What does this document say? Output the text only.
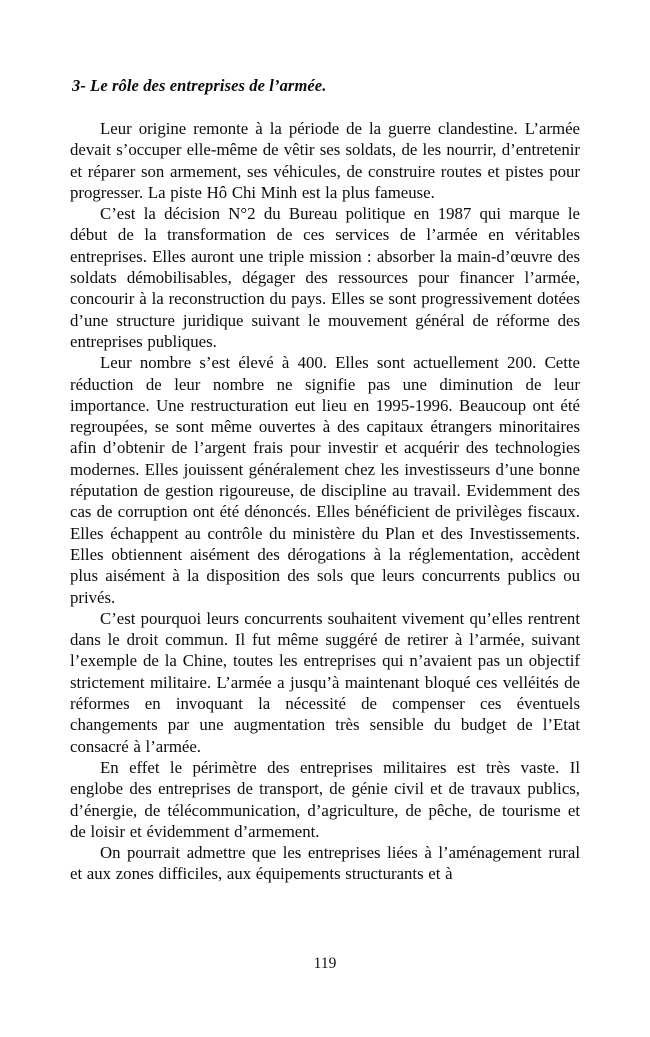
3- Le rôle des entreprises de l’armée.

Leur origine remonte à la période de la guerre clandestine. L’armée devait s’occuper elle-même de vêtir ses soldats, de les nourrir, d’entretenir et réparer son armement, ses véhicules, de construire routes et pistes pour progresser. La piste Hô Chi Minh est la plus fameuse.

C’est la décision N°2 du Bureau politique en 1987 qui marque le début de la transformation de ces services de l’armée en véritables entreprises. Elles auront une triple mission : absorber la main-d’œuvre des soldats démobilisables, dégager des ressources pour financer l’armée, concourir à la reconstruction du pays. Elles se sont progressivement dotées d’une structure juridique suivant le mouvement général de réforme des entreprises publiques.

Leur nombre s’est élevé à 400. Elles sont actuellement 200. Cette réduction de leur nombre ne signifie pas une diminution de leur importance. Une restructuration eut lieu en 1995-1996. Beaucoup ont été regroupées, se sont même ouvertes à des capitaux étrangers minoritaires afin d’obtenir de l’argent frais pour investir et acquérir des technologies modernes. Elles jouissent généralement chez les investisseurs d’une bonne réputation de gestion rigoureuse, de discipline au travail. Evidemment des cas de corruption ont été dénoncés. Elles bénéficient de privilèges fiscaux. Elles échappent au contrôle du ministère du Plan et des Investissements. Elles obtiennent aisément des dérogations à la réglementation, accèdent plus aisément à la disposition des sols que leurs concurrents publics ou privés.

C’est pourquoi leurs concurrents souhaitent vivement qu’elles rentrent dans le droit commun. Il fut même suggéré de retirer à l’armée, suivant l’exemple de la Chine, toutes les entreprises qui n’avaient pas un objectif strictement militaire. L’armée a jusqu’à maintenant bloqué ces velléités de réformes en invoquant la nécessité de compenser ces éventuels changements par une augmentation très sensible du budget de l’Etat consacré à l’armée.

En effet le périmètre des entreprises militaires est très vaste. Il englobe des entreprises de transport, de génie civil et de travaux publics, d’énergie, de télécommunication, d’agriculture, de pêche, de tourisme et de loisir et évidemment d’armement.

On pourrait admettre que les entreprises liées à l’aménagement rural et aux zones difficiles, aux équipements structurants et à

119
